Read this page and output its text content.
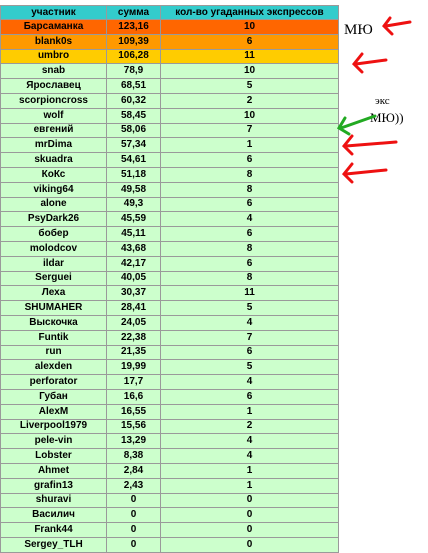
участник	сумма	кол-во угаданных экспрессов
Барсаманка	123,16	10
blank0s	109,39	6
umbro	106,28	11
snab	78,9	10
Ярославец	68,51	5
scorpioncross	60,32	2
wolf	58,45	10
евгений	58,06	7
mrDima	57,34	1
skuadra	54,61	6
КоКс	51,18	8
viking64	49,58	8
alone	49,3	6
PsyDark26	45,59	4
бобер	45,11	6
molodcov	43,68	8
ildar	42,17	6
Serguei	40,05	8
Леха	30,37	11
SHUMAHER	28,41	5
Выскочка	24,05	4
Funtik	22,38	7
run	21,35	6
alexden	19,99	5
perforator	17,7	4
Губан	16,6	6
AlexM	16,55	1
Liverpool1979	15,56	2
pele-vin	13,29	4
Lobster	8,38	4
Ahmet	2,84	1
grafin13	2,43	1
shuravi	0	0
Василич	0	0
Frank44	0	0
Sergey_TLH	0	0
МЮ
экс
МЮ))
